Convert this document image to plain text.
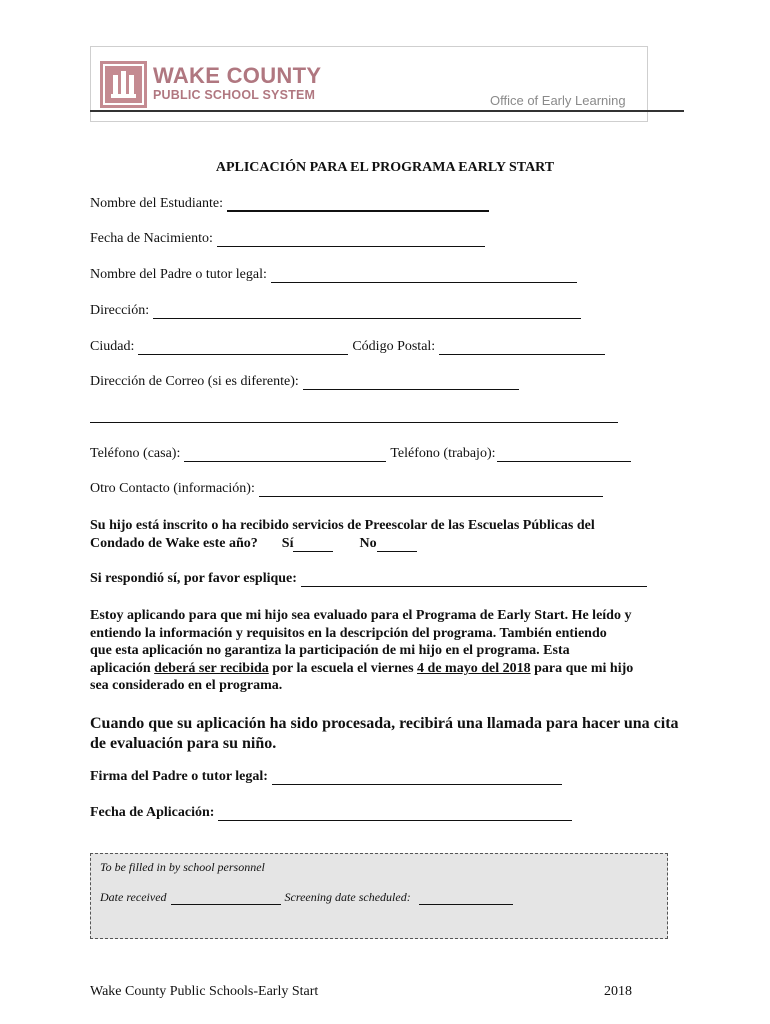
WAKE COUNTY
PUBLIC SCHOOL SYSTEM	Office of Early Learning
APLICACIÓN PARA EL PROGRAMA EARLY START
Nombre del Estudiante:
Fecha de Nacimiento:
Nombre del Padre o tutor legal:
Dirección:
Ciudad:	Código Postal:
Dirección de Correo (si es diferente):
Teléfono (casa):	Teléfono (trabajo):
Otro Contacto (información):
Su hijo está inscrito o ha recibido servicios de Preescolar de las Escuelas Públicas del
Condado de Wake este año? Sí	No
Si respondió sí, por favor esplique:
Estoy aplicando para que mi hijo sea evaluado para el Programa de Early Start. He leído y
entiendo la información y requisitos en la descripción del programa. También entiendo
que esta aplicación no garantiza la participación de mi hijo en el programa. Esta
aplicación deberá ser recibida por la escuela el viernes 4 de mayo del 2018 para que mi hijo
sea considerado en el programa.
Cuando que su aplicación ha sido procesada, recibirá una llamada para hacer una cita
de evaluación para su niño.
Firma del Padre o tutor legal:
Fecha de Aplicación:
To be filled in by school personnel
Date received	Screening date scheduled:
Wake County Public Schools-Early Start	2018
